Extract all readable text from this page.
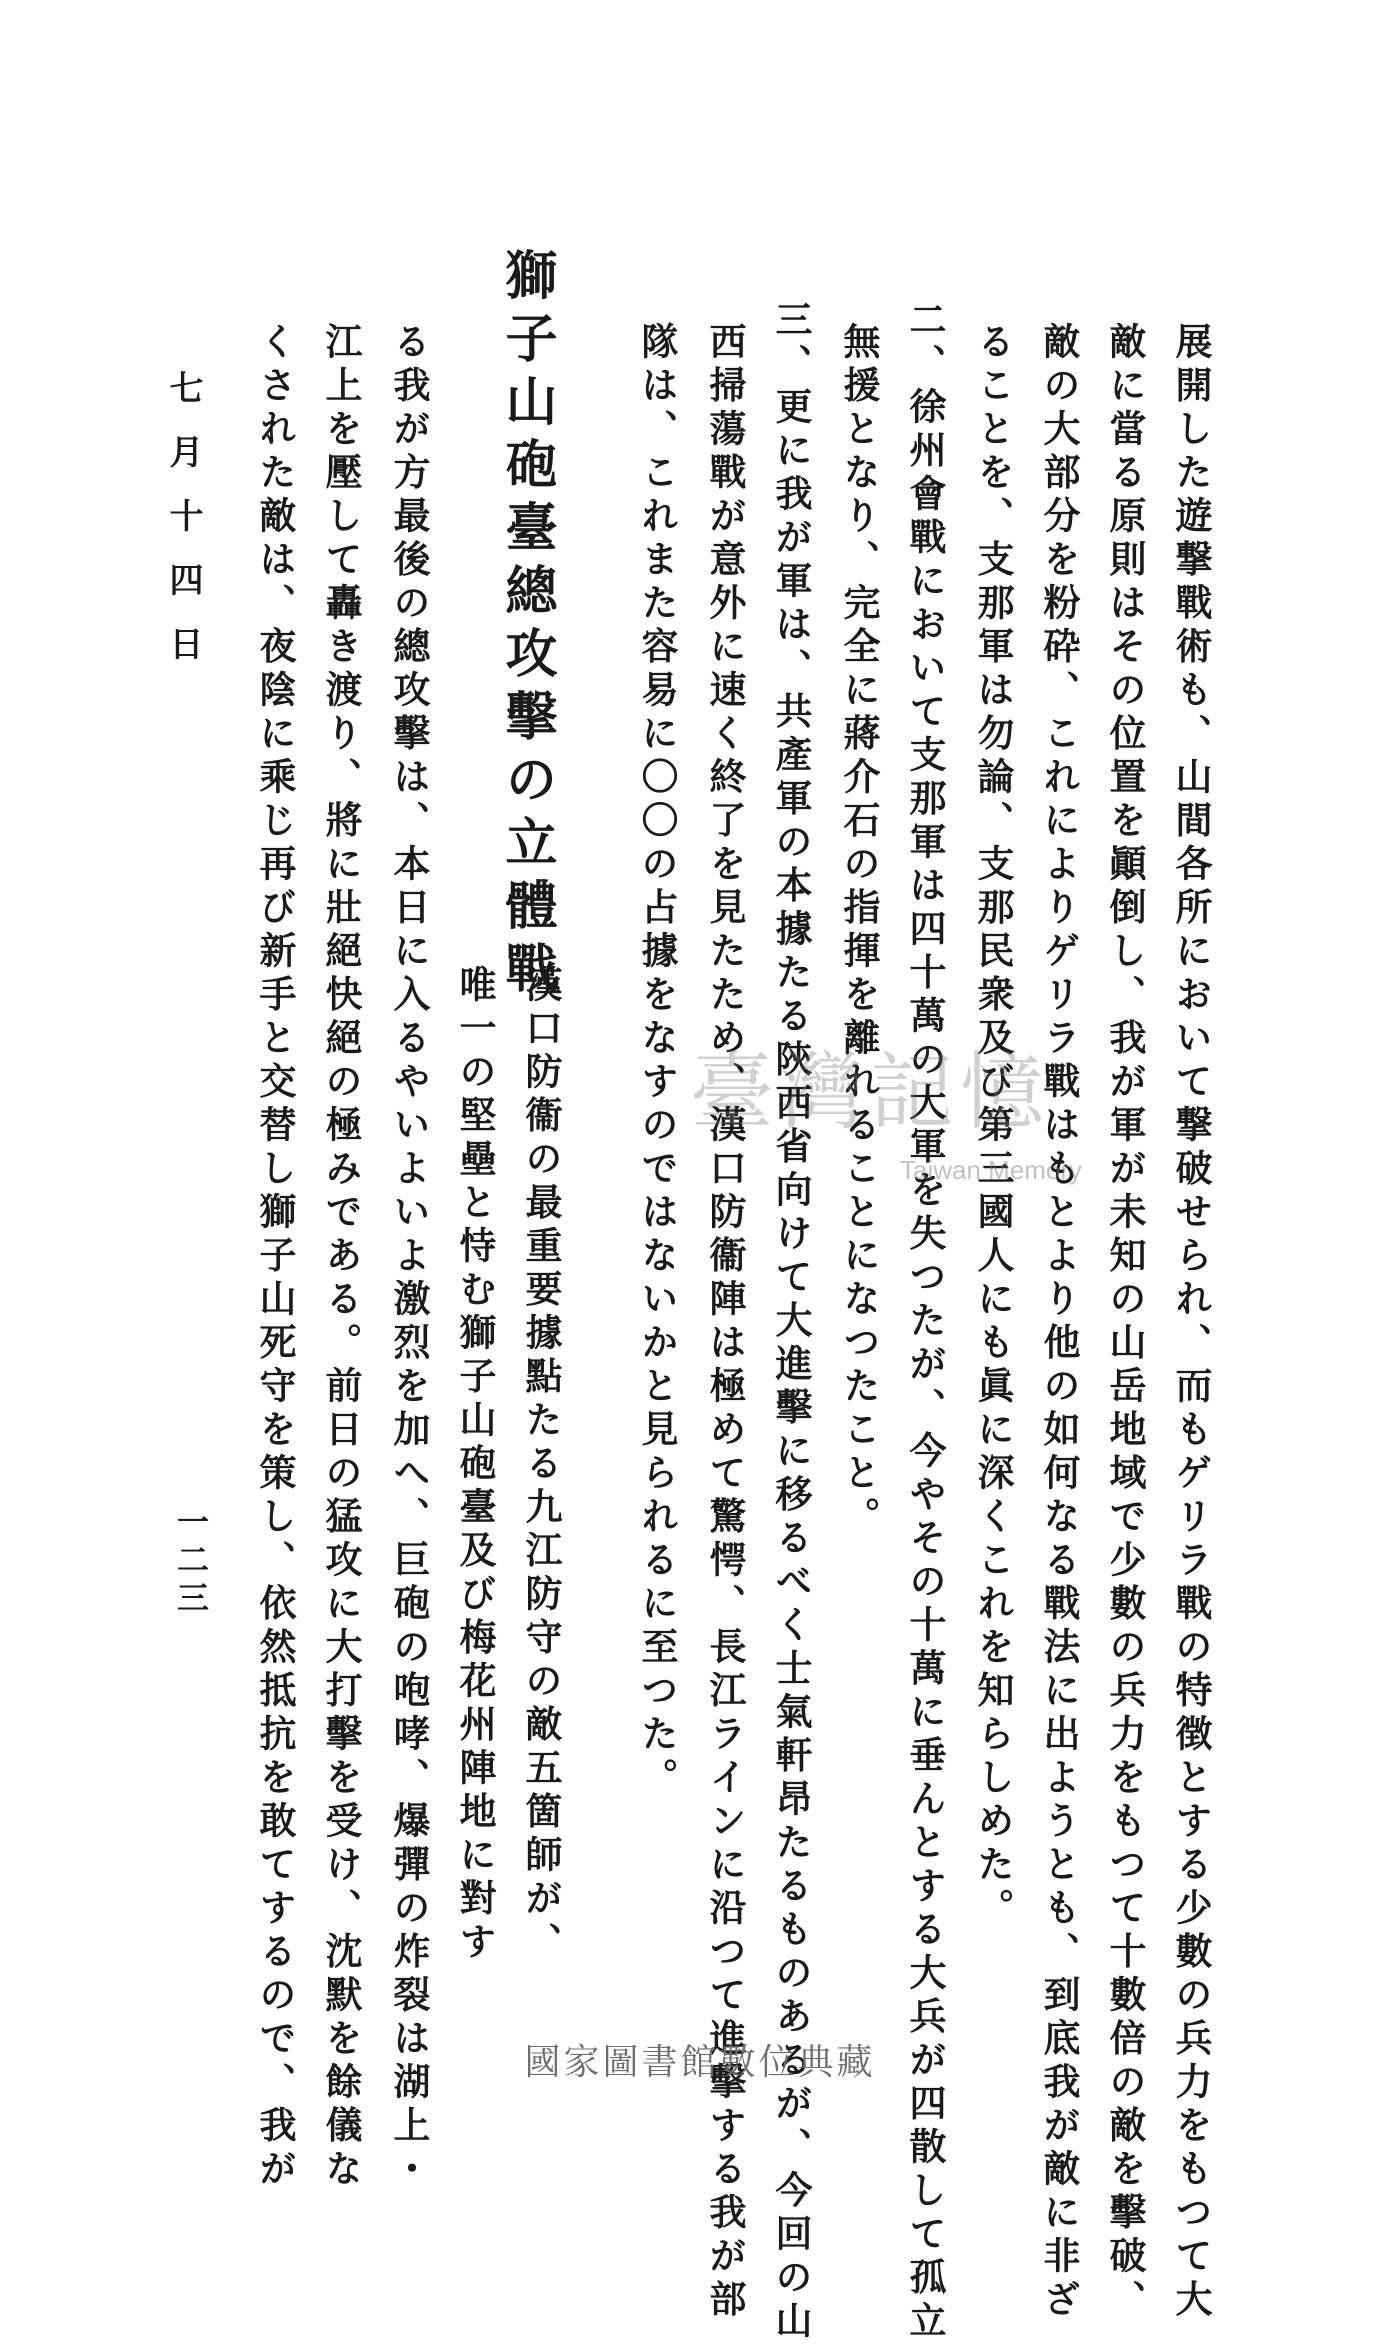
展開した遊撃戰術も、山間各所において撃破せられ、而もゲリラ戰の特徴とする少數の兵力をもつて大
敵に當る原則はその位置を顚倒し、我が軍が未知の山岳地域で少數の兵力をもつて十數倍の敵を擊破、
敵の大部分を粉砕、これによりゲリラ戰はもとより他の如何なる戰法に出ようとも、到底我が敵に非ざ
ることを、支那軍は勿論、支那民衆及び第三國人にも眞に深くこれを知らしめた。
二、徐州會戰において支那軍は四十萬の大軍を失つたが、今やその十萬に垂んとする大兵が四散して孤立
無援となり、完全に蔣介石の指揮を離れることになつたこと。
三、更に我が軍は、共產軍の本據たる陝西省向けて大進擊に移るべく士氣軒昂たるものあるが、今回の山
西掃蕩戰が意外に速く終了を見たため、漢口防衞陣は極めて驚愕、長江ラインに沿つて進擊する我が部
隊は、これまた容易に〇〇の占據をなすのではないかと見られるに至つた。
獅子山砲臺總攻擊の立體戰
漢口防衞の最重要據點たる九江防守の敵五箇師が、
唯一の堅壘と恃む獅子山砲臺及び梅花州陣地に對す
る我が方最後の總攻擊は、本日に入るやいよいよ激烈を加へ、巨砲の咆哮、爆彈の炸裂は湖上・
江上を壓して轟き渡り、將に壯絕快絕の極みである。前日の猛攻に大打擊を受け、沈默を餘儀な
くされた敵は、夜陰に乘じ再び新手と交替し獅子山死守を策し、依然抵抗を敢てするので、我が
七月十四日
一二三
臺灣記憶
Taiwan Memory
國家圖書館數位典藏
